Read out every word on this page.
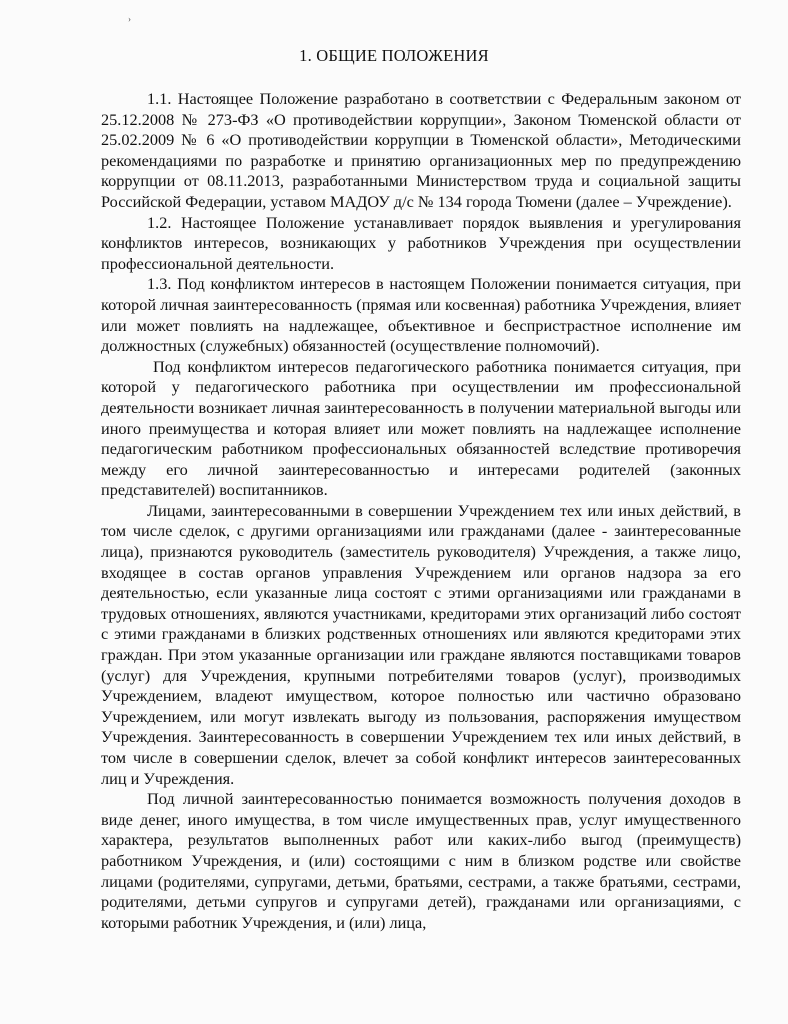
›
1. ОБЩИЕ ПОЛОЖЕНИЯ

1.1. Настоящее Положение разработано в соответствии с Федеральным законом от 25.12.2008 № 273-ФЗ «О противодействии коррупции», Законом Тюменской области от 25.02.2009 № 6 «О противодействии коррупции в Тюменской области», Методическими рекомендациями по разработке и принятию организационных мер по предупреждению коррупции от 08.11.2013, разработанными Министерством труда и социальной защиты Российской Федерации, уставом МАДОУ д/с № 134 города Тюмени (далее – Учреждение).

1.2. Настоящее Положение устанавливает порядок выявления и урегулирования конфликтов интересов, возникающих у работников Учреждения при осуществлении профессиональной деятельности.

1.3. Под конфликтом интересов в настоящем Положении понимается ситуация, при которой личная заинтересованность (прямая или косвенная) работника Учреждения, влияет или может повлиять на надлежащее, объективное и беспристрастное исполнение им должностных (служебных) обязанностей (осуществление полномочий).

Под конфликтом интересов педагогического работника понимается ситуация, при которой у педагогического работника при осуществлении им профессиональной деятельности возникает личная заинтересованность в получении материальной выгоды или иного преимущества и которая влияет или может повлиять на надлежащее исполнение педагогическим работником профессиональных обязанностей вследствие противоречия между его личной заинтересованностью и интересами родителей (законных представителей) воспитанников.

Лицами, заинтересованными в совершении Учреждением тех или иных действий, в том числе сделок, с другими организациями или гражданами (далее - заинтересованные лица), признаются руководитель (заместитель руководителя) Учреждения, а также лицо, входящее в состав органов управления Учреждением или органов надзора за его деятельностью, если указанные лица состоят с этими организациями или гражданами в трудовых отношениях, являются участниками, кредиторами этих организаций либо состоят с этими гражданами в близких родственных отношениях или являются кредиторами этих граждан. При этом указанные организации или граждане являются поставщиками товаров (услуг) для Учреждения, крупными потребителями товаров (услуг), производимых Учреждением, владеют имуществом, которое полностью или частично образовано Учреждением, или могут извлекать выгоду из пользования, распоряжения имуществом Учреждения. Заинтересованность в совершении Учреждением тех или иных действий, в том числе в совершении сделок, влечет за собой конфликт интересов заинтересованных лиц и Учреждения.

Под личной заинтересованностью понимается возможность получения доходов в виде денег, иного имущества, в том числе имущественных прав, услуг имущественного характера, результатов выполненных работ или каких-либо выгод (преимуществ) работником Учреждения, и (или) состоящими с ним в близком родстве или свойстве лицами (родителями, супругами, детьми, братьями, сестрами, а также братьями, сестрами, родителями, детьми супругов и супругами детей), гражданами или организациями, с которыми работник Учреждения, и (или) лица,
